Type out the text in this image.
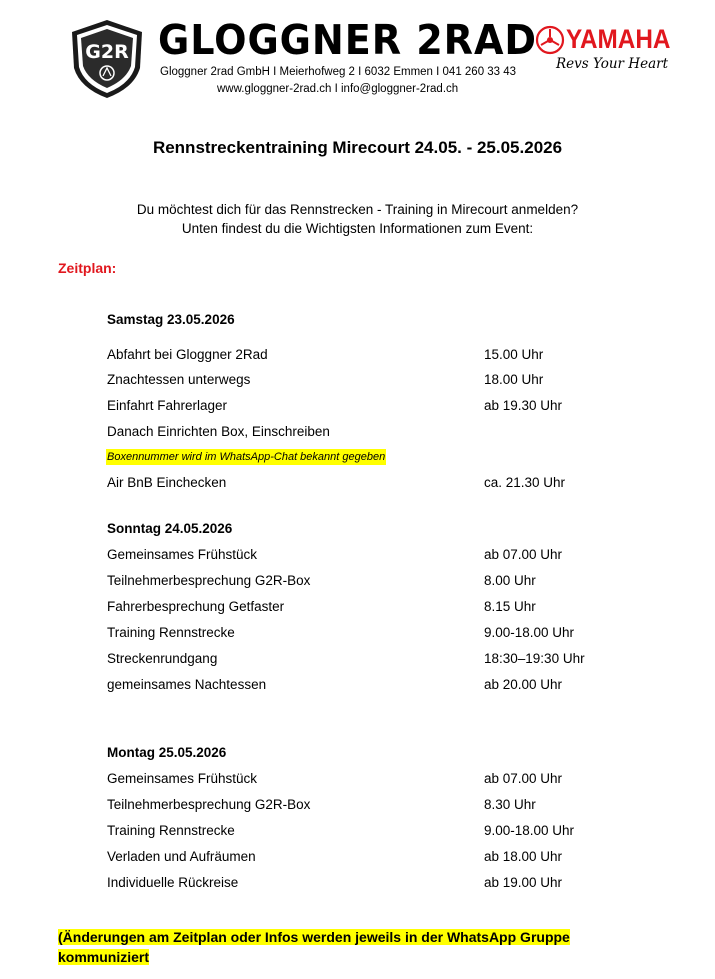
G2R GLOGGNER 2RAD
Gloggner 2rad GmbH I Meierhofweg 2 I 6032 Emmen I 041 260 33 43
www.gloggner-2rad.ch I info@gloggner-2rad.ch
YAMAHA
Revs Your Heart
Rennstreckentraining Mirecourt 24.05. - 25.05.2026
Du möchtest dich für das Rennstrecken - Training in Mirecourt anmelden?
Unten findest du die Wichtigsten Informationen zum Event:
Zeitplan:
Samstag 23.05.2026
Abfahrt bei Gloggner 2Rad	15.00 Uhr
Znachtessen unterwegs	18.00 Uhr
Einfahrt Fahrerlager	ab 19.30 Uhr
Danach Einrichten Box, Einschreiben
Boxennummer wird im WhatsApp-Chat bekannt gegeben
Air BnB Einchecken	ca. 21.30 Uhr
Sonntag 24.05.2026
Gemeinsames Frühstück	ab 07.00 Uhr
Teilnehmerbesprechung G2R-Box	8.00 Uhr
Fahrerbesprechung Getfaster	8.15 Uhr
Training Rennstrecke	9.00-18.00 Uhr
Streckenrundgang	18:30–19:30 Uhr
gemeinsames Nachtessen	ab 20.00 Uhr
Montag 25.05.2026
Gemeinsames Frühstück	ab 07.00 Uhr
Teilnehmerbesprechung G2R-Box	8.30 Uhr
Training Rennstrecke	9.00-18.00 Uhr
Verladen und Aufräumen	ab 18.00 Uhr
Individuelle Rückreise	ab 19.00 Uhr
(Änderungen am Zeitplan oder Infos werden jeweils in der WhatsApp Gruppe kommuniziert
